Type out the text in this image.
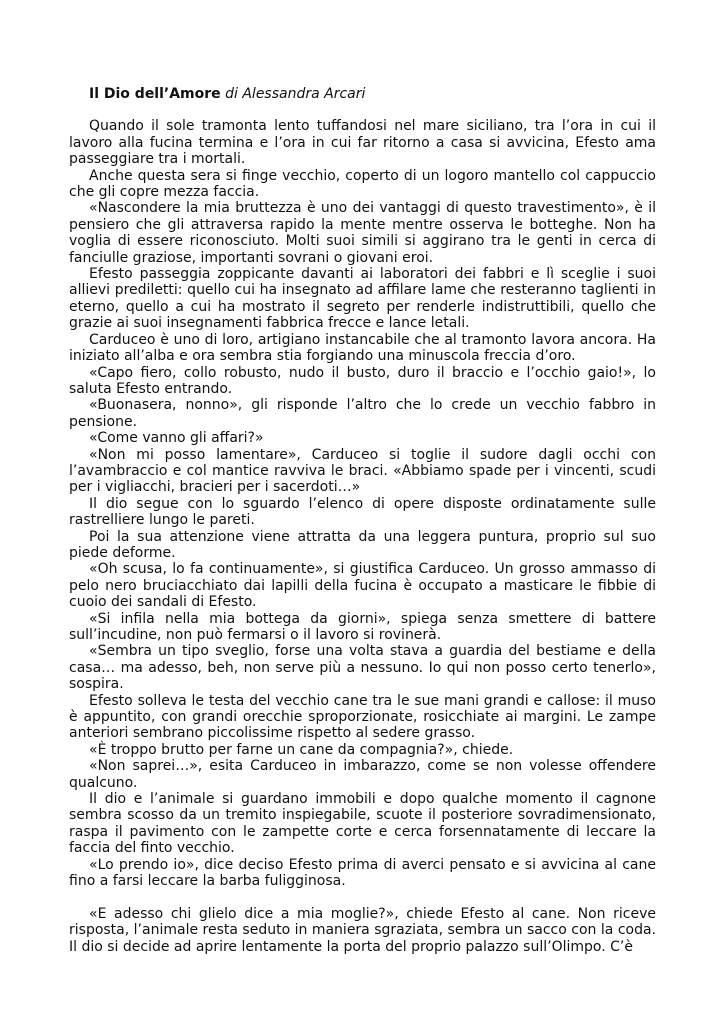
Il Dio dell’Amore di Alessandra Arcari

Quando il sole tramonta lento tuffandosi nel mare siciliano, tra l’ora in cui il lavoro alla fucina termina e l’ora in cui far ritorno a casa si avvicina, Efesto ama passeggiare tra i mortali.

Anche questa sera si finge vecchio, coperto di un logoro mantello col cappuccio che gli copre mezza faccia.

«Nascondere la mia bruttezza è uno dei vantaggi di questo travestimento», è il pensiero che gli attraversa rapido la mente mentre osserva le botteghe. Non ha voglia di essere riconosciuto. Molti suoi simili si aggirano tra le genti in cerca di fanciulle graziose, importanti sovrani o giovani eroi.

Efesto passeggia zoppicante davanti ai laboratori dei fabbri e lì sceglie i suoi allievi prediletti: quello cui ha insegnato ad affilare lame che resteranno taglienti in eterno, quello a cui ha mostrato il segreto per renderle indistruttibili, quello che grazie ai suoi insegnamenti fabbrica frecce e lance letali.

Carduceo è uno di loro, artigiano instancabile che al tramonto lavora ancora. Ha iniziato all’alba e ora sembra stia forgiando una minuscola freccia d’oro.

«Capo fiero, collo robusto, nudo il busto, duro il braccio e l’occhio gaio!», lo saluta Efesto entrando.

«Buonasera, nonno», gli risponde l’altro che lo crede un vecchio fabbro in pensione.

«Come vanno gli affari?»

«Non mi posso lamentare», Carduceo si toglie il sudore dagli occhi con l’avambraccio e col mantice ravviva le braci. «Abbiamo spade per i vincenti, scudi per i vigliacchi, bracieri per i sacerdoti…»

Il dio segue con lo sguardo l’elenco di opere disposte ordinatamente sulle rastrelliere lungo le pareti.

Poi la sua attenzione viene attratta da una leggera puntura, proprio sul suo piede deforme.

«Oh scusa, lo fa continuamente», si giustifica Carduceo. Un grosso ammasso di pelo nero bruciacchiato dai lapilli della fucina è occupato a masticare le fibbie di cuoio dei sandali di Efesto.

«Si infila nella mia bottega da giorni», spiega senza smettere di battere sull’incudine, non può fermarsi o il lavoro si rovinerà.

«Sembra un tipo sveglio, forse una volta stava a guardia del bestiame e della casa… ma adesso, beh, non serve più a nessuno. Io qui non posso certo tenerlo», sospira.

Efesto solleva le testa del vecchio cane tra le sue mani grandi e callose: il muso è appuntito, con grandi orecchie sproporzionate, rosicchiate ai margini. Le zampe anteriori sembrano piccolissime rispetto al sedere grasso.

«È troppo brutto per farne un cane da compagnia?», chiede.

«Non saprei…», esita Carduceo in imbarazzo, come se non volesse offendere qualcuno.

Il dio e l’animale si guardano immobili e dopo qualche momento il cagnone sembra scosso da un tremito inspiegabile, scuote il posteriore sovradimensionato, raspa il pavimento con le zampette corte e cerca forsennatamente di leccare la faccia del finto vecchio.

«Lo prendo io», dice deciso Efesto prima di averci pensato e si avvicina al cane fino a farsi leccare la barba fuligginosa.

«E adesso chi glielo dice a mia moglie?», chiede Efesto al cane. Non riceve risposta, l’animale resta seduto in maniera sgraziata, sembra un sacco con la coda. Il dio si decide ad aprire lentamente la porta del proprio palazzo sull’Olimpo. C’è
